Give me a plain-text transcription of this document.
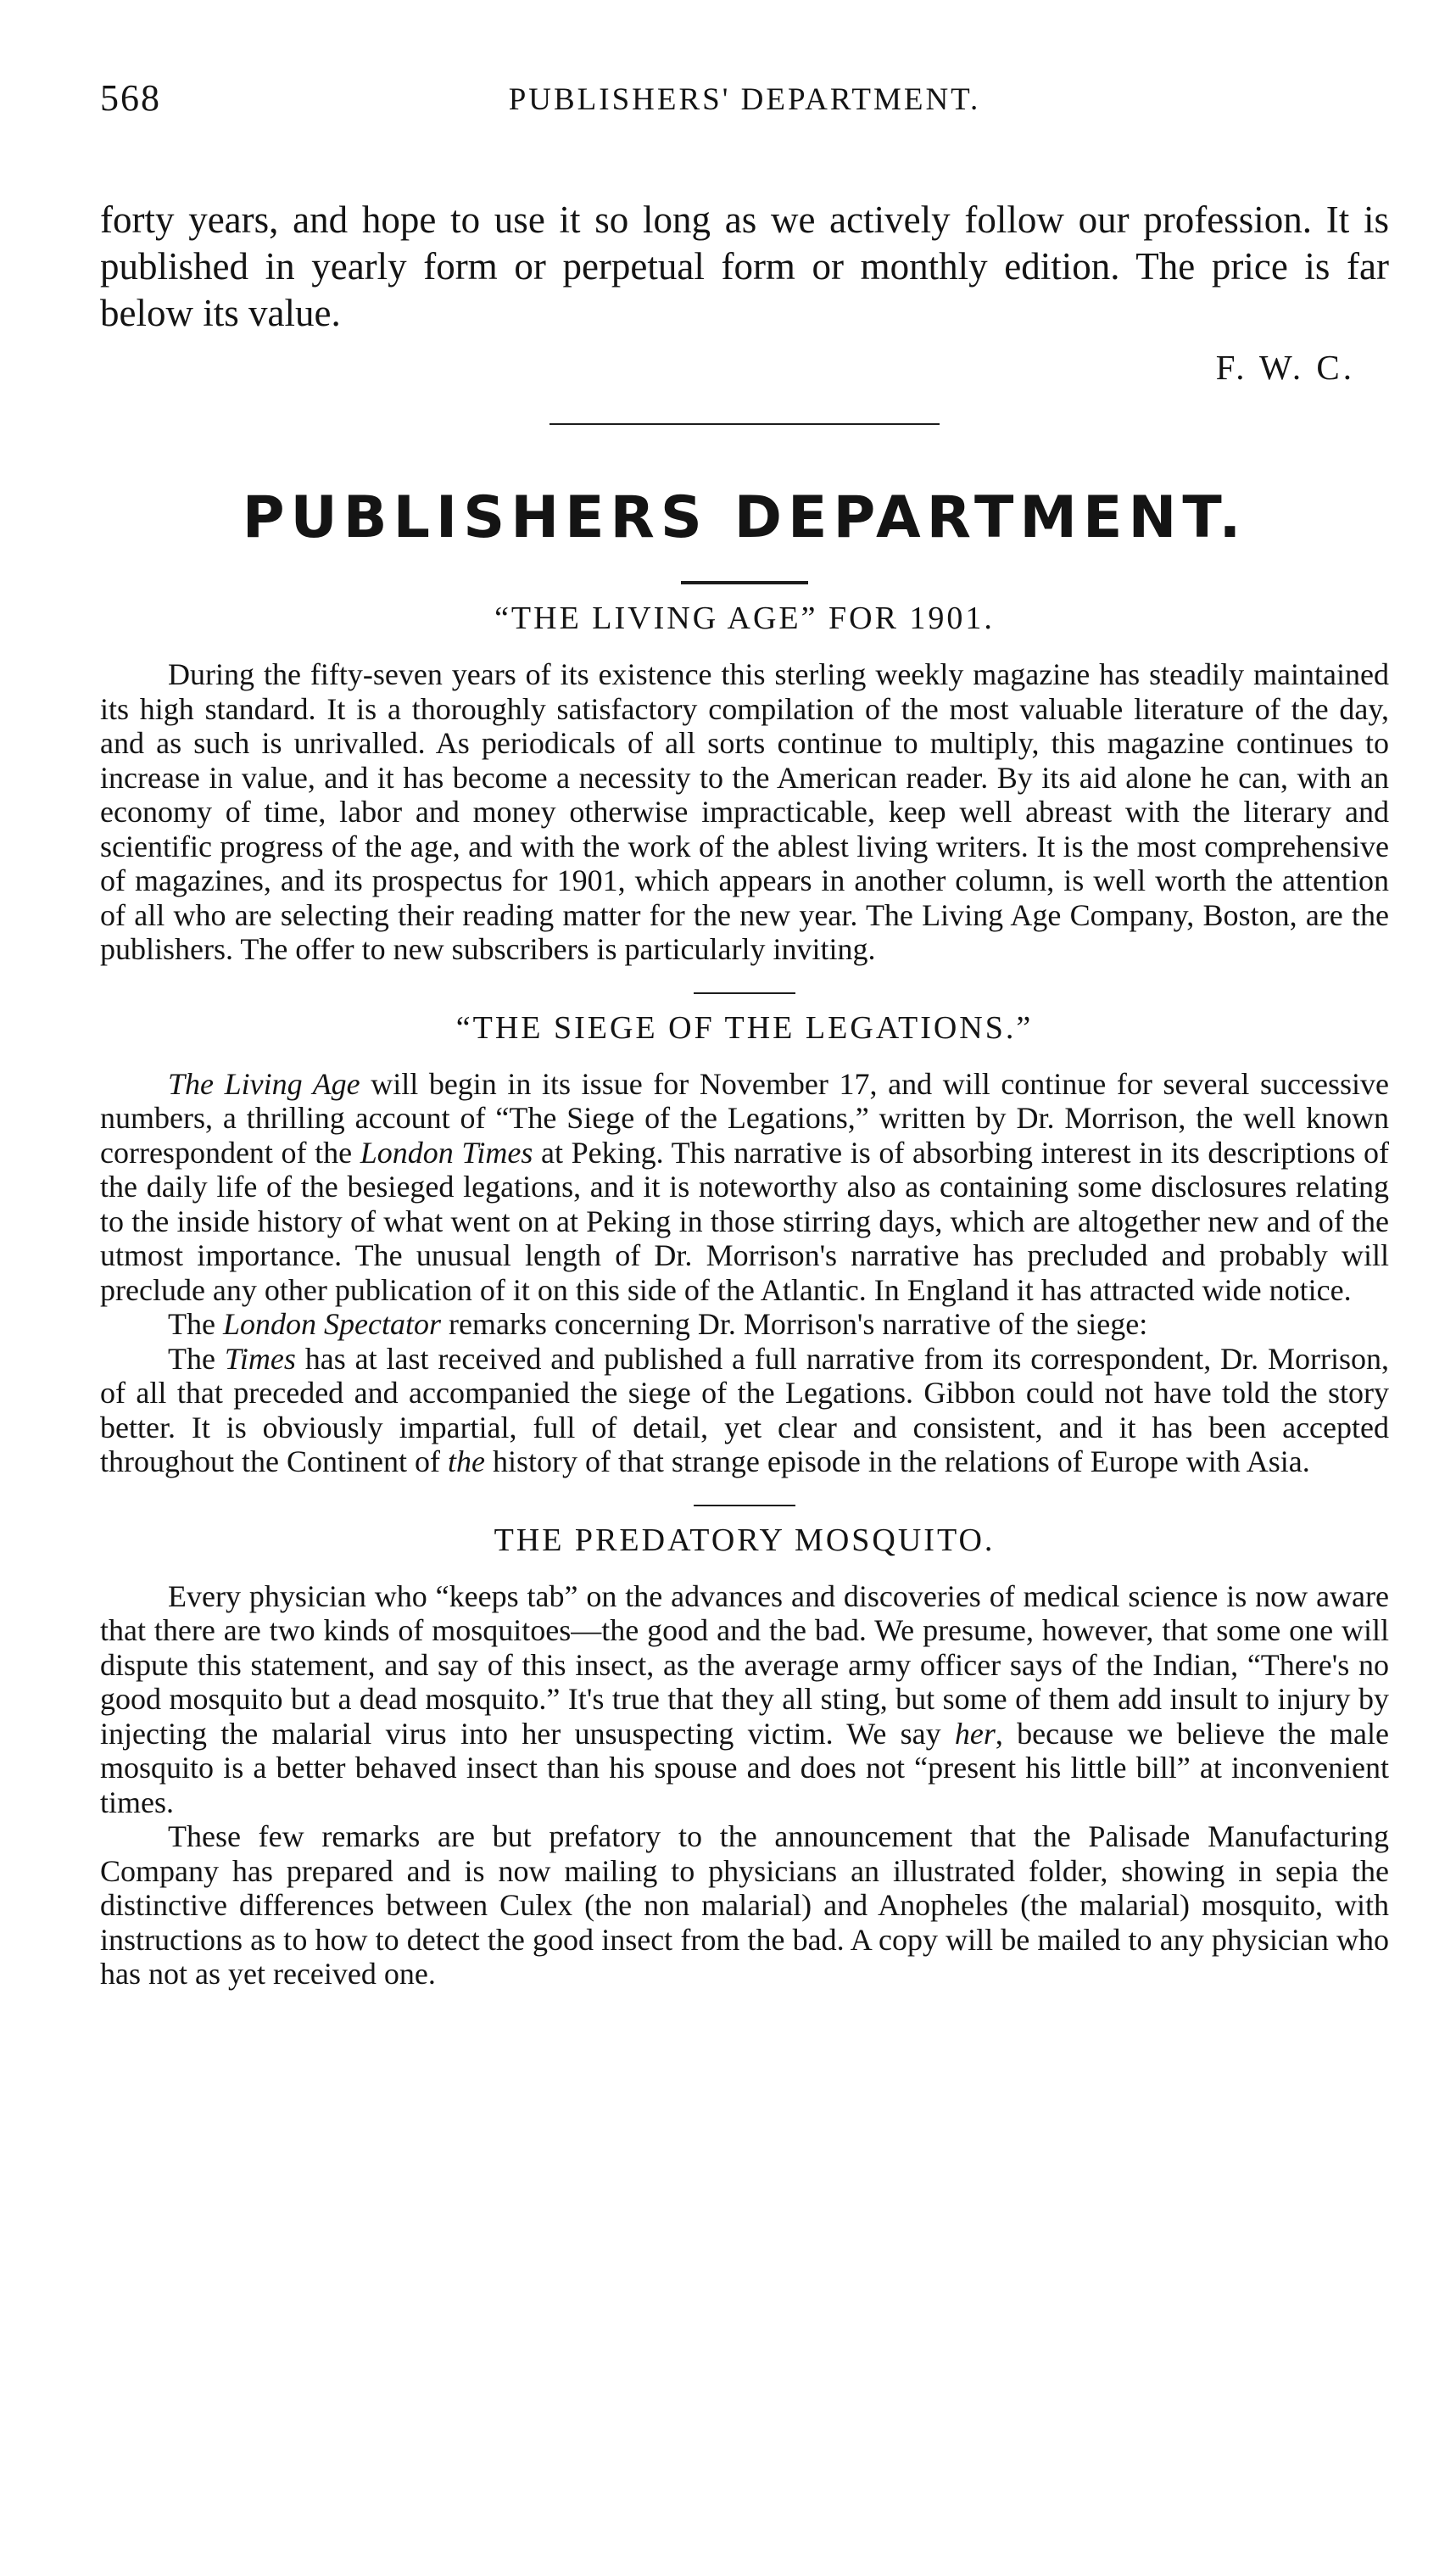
568	PUBLISHERS' DEPARTMENT.

forty years, and hope to use it so long as we actively follow our profession. It is published in yearly form or perpetual form or monthly edition. The price is far below its value.

F. W. C.
PUBLISHERS DEPARTMENT.
“THE LIVING AGE” FOR 1901.

During the fifty-seven years of its existence this sterling weekly magazine has steadily maintained its high standard. It is a thoroughly satisfactory compilation of the most valuable literature of the day, and as such is unrivalled. As periodicals of all sorts continue to multiply, this magazine continues to increase in value, and it has become a necessity to the American reader. By its aid alone he can, with an economy of time, labor and money otherwise impracticable, keep well abreast with the literary and scientific progress of the age, and with the work of the ablest living writers. It is the most comprehensive of magazines, and its prospectus for 1901, which appears in another column, is well worth the attention of all who are selecting their reading matter for the new year. The Living Age Company, Boston, are the publishers. The offer to new subscribers is particularly inviting.

“THE SIEGE OF THE LEGATIONS.”

The Living Age will begin in its issue for November 17, and will continue for several successive numbers, a thrilling account of “The Siege of the Legations,” written by Dr. Morrison, the well known correspondent of the London Times at Peking. This narrative is of absorbing interest in its descriptions of the daily life of the besieged legations, and it is noteworthy also as containing some disclosures relating to the inside history of what went on at Peking in those stirring days, which are altogether new and of the utmost importance. The unusual length of Dr. Morrison's narrative has precluded and probably will preclude any other publication of it on this side of the Atlantic. In England it has attracted wide notice.

The London Spectator remarks concerning Dr. Morrison's narrative of the siege:

The Times has at last received and published a full narrative from its correspondent, Dr. Morrison, of all that preceded and accompanied the siege of the Legations. Gibbon could not have told the story better. It is obviously impartial, full of detail, yet clear and consistent, and it has been accepted throughout the Continent of the history of that strange episode in the relations of Europe with Asia.

THE PREDATORY MOSQUITO.

Every physician who “keeps tab” on the advances and discoveries of medical science is now aware that there are two kinds of mosquitoes—the good and the bad. We presume, however, that some one will dispute this statement, and say of this insect, as the average army officer says of the Indian, “There's no good mosquito but a dead mosquito.” It's true that they all sting, but some of them add insult to injury by injecting the malarial virus into her unsuspecting victim. We say her, because we believe the male mosquito is a better behaved insect than his spouse and does not “present his little bill” at inconvenient times.

These few remarks are but prefatory to the announcement that the Palisade Manufacturing Company has prepared and is now mailing to physicians an illustrated folder, showing in sepia the distinctive differences between Culex (the non malarial) and Anopheles (the malarial) mosquito, with instructions as to how to detect the good insect from the bad. A copy will be mailed to any physician who has not as yet received one.
